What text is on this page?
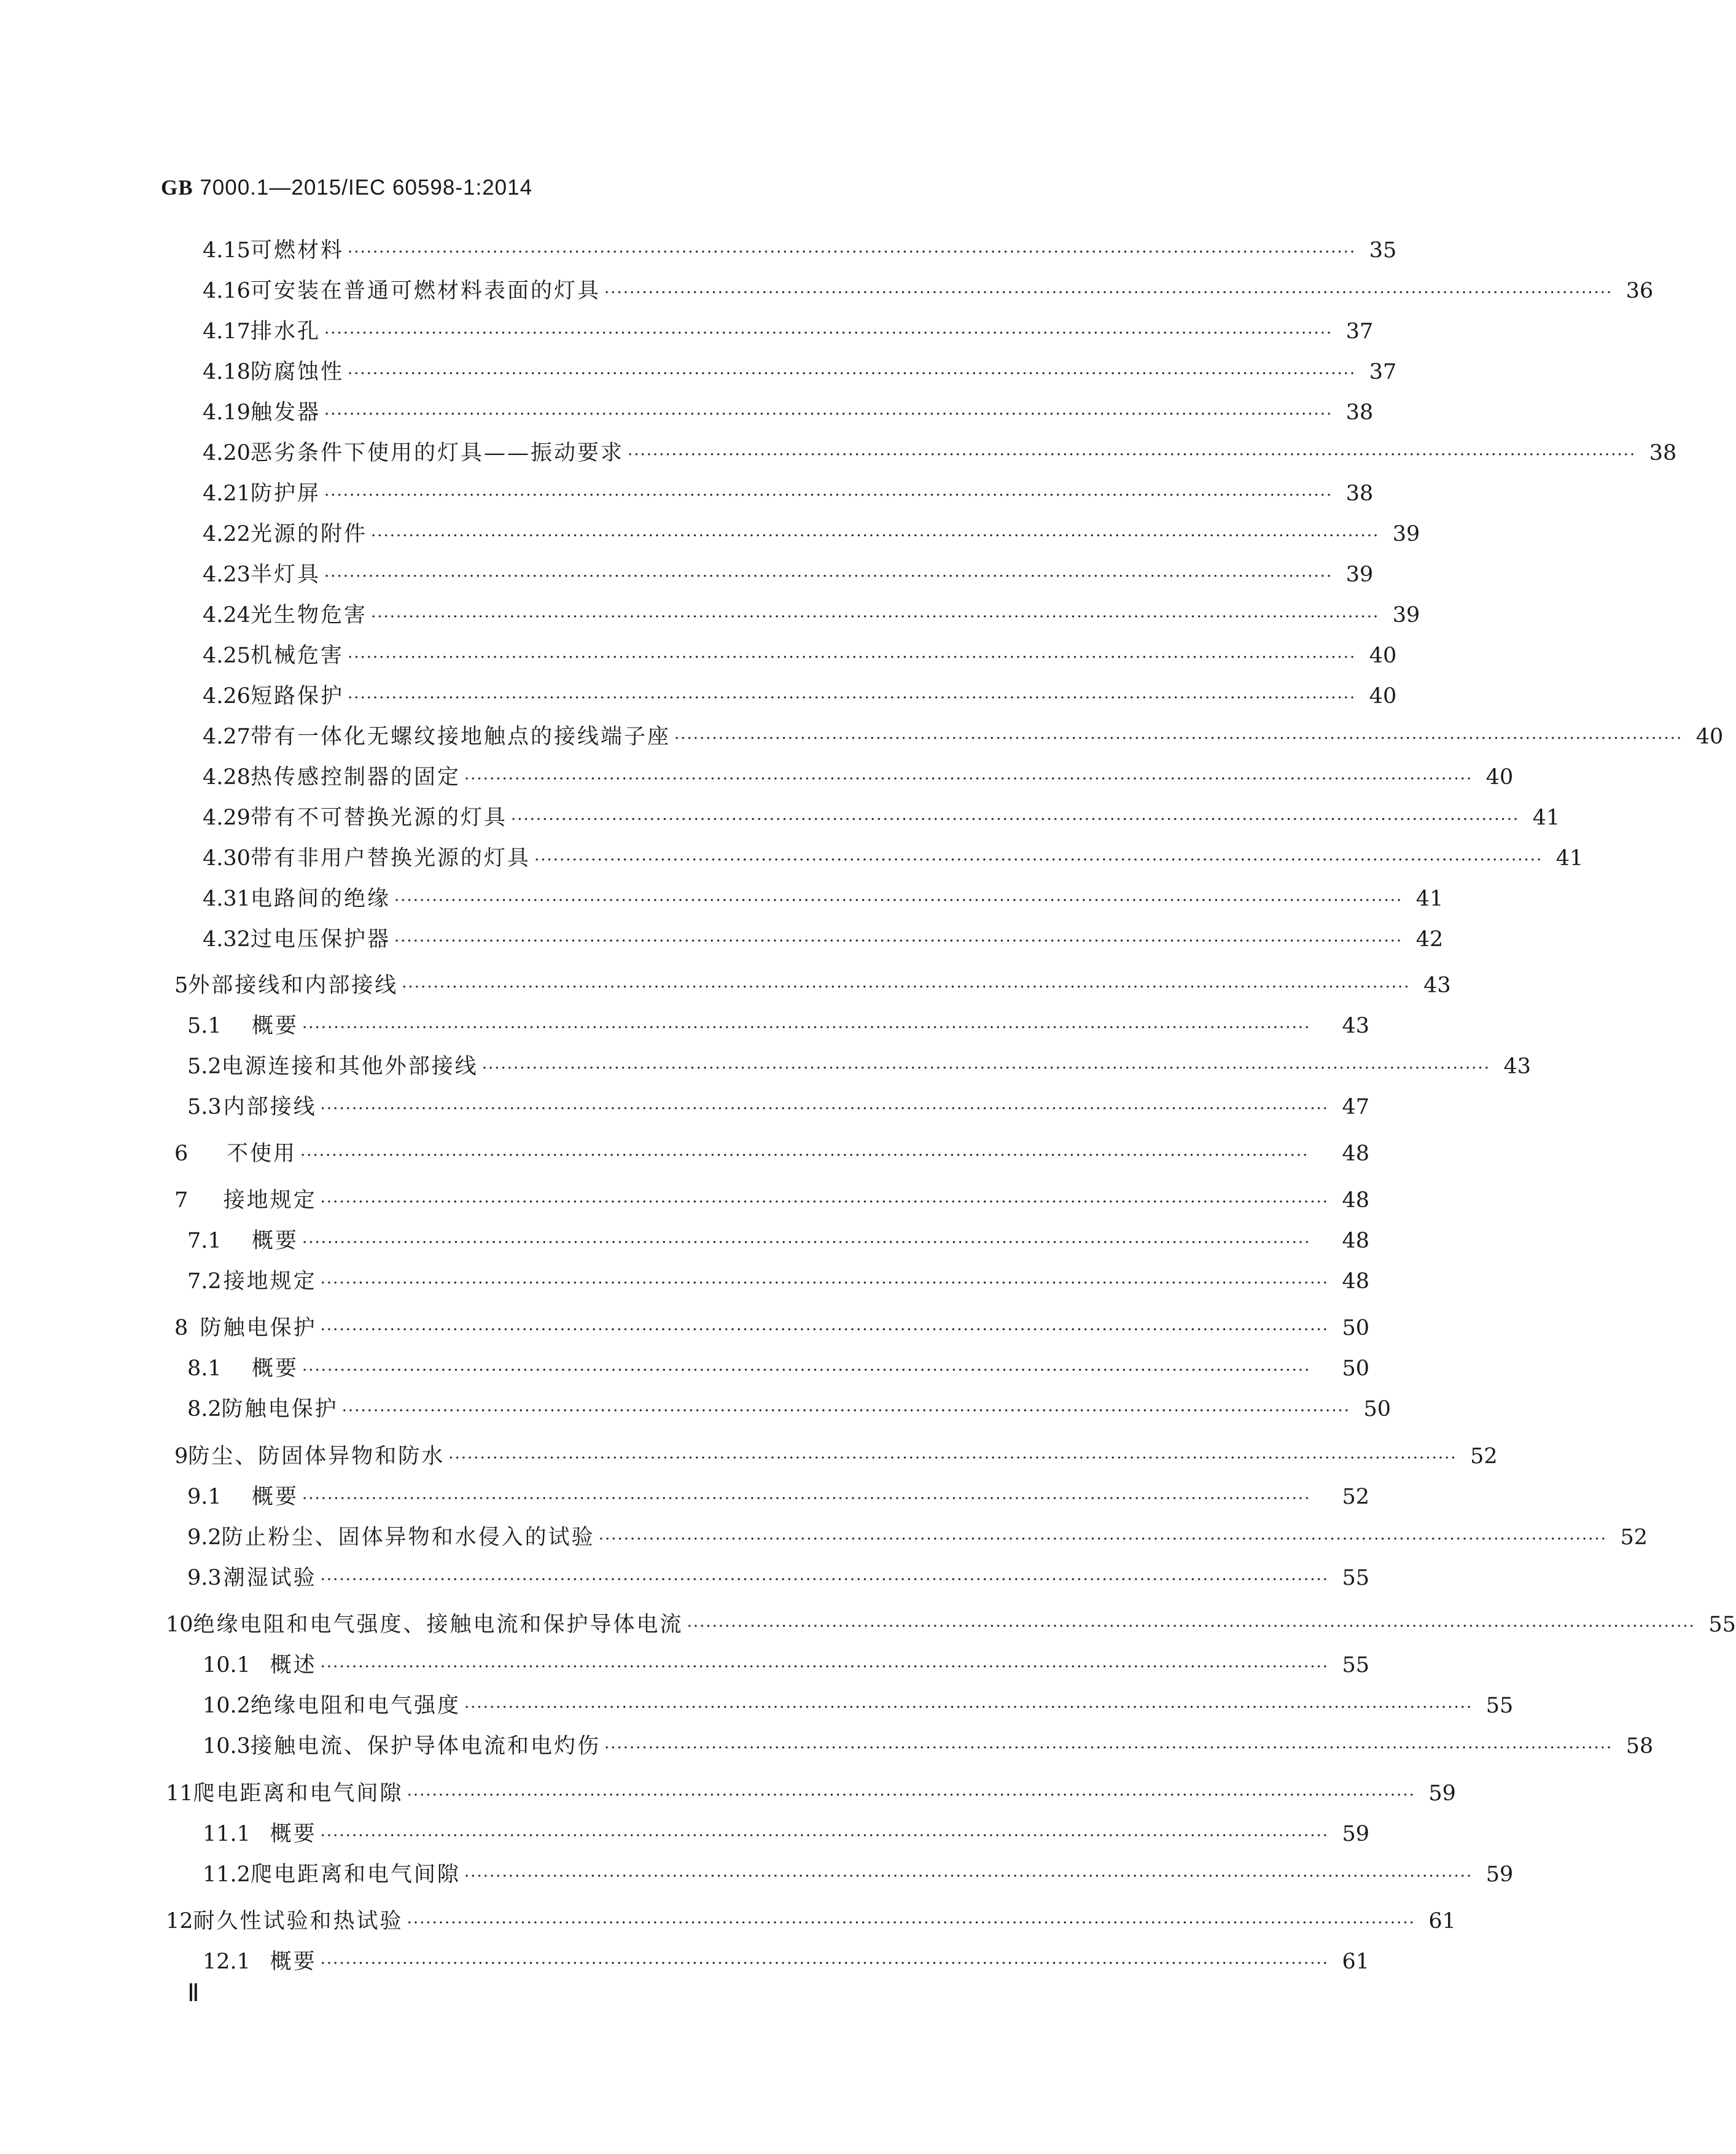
GB 7000.1—2015/IEC 60598-1:2014
4.15 可燃材料 ································································································································································ 35
4.16 可安装在普通可燃材料表面的灯具 ································································································································································ 36
4.17 排水孔 ································································································································································ 37
4.18 防腐蚀性 ································································································································································ 37
4.19 触发器 ································································································································································ 38
4.20 恶劣条件下使用的灯具——振动要求 ································································································································································ 38
4.21 防护屏 ································································································································································ 38
4.22 光源的附件 ································································································································································ 39
4.23 半灯具 ································································································································································ 39
4.24 光生物危害 ································································································································································ 39
4.25 机械危害 ································································································································································ 40
4.26 短路保护 ································································································································································ 40
4.27 带有一体化无螺纹接地触点的接线端子座 ································································································································································ 40
4.28 热传感控制器的固定 ································································································································································ 40
4.29 带有不可替换光源的灯具 ································································································································································ 41
4.30 带有非用户替换光源的灯具 ································································································································································ 41
4.31 电路间的绝缘 ································································································································································ 41
4.32 过电压保护器 ································································································································································ 42
5 外部接线和内部接线 ································································································································································ 43
5.1	概要 ································································································································································	43
5.2 电源连接和其他外部接线 ································································································································································ 43
5.3 内部接线 ································································································································································ 47
6	不使用 ································································································································································	48
7	接地规定 ································································································································································ 48
7.1	概要 ································································································································································	48
7.2 接地规定 ································································································································································ 48
8 防触电保护 ································································································································································ 50
8.1	概要 ································································································································································	50
8.2 防触电保护 ································································································································································ 50
9 防尘、防固体异物和防水 ································································································································································ 52
9.1	概要 ································································································································································	52
9.2 防止粉尘、固体异物和水侵入的试验 ································································································································································ 52
9.3 潮湿试验 ································································································································································ 55
10 绝缘电阻和电气强度、接触电流和保护导体电流 ································································································································································ 55
10.1 概述 ································································································································································ 55
10.2 绝缘电阻和电气强度 ································································································································································ 55
10.3 接触电流、保护导体电流和电灼伤 ································································································································································ 58
11 爬电距离和电气间隙 ································································································································································ 59
11.1 概要 ································································································································································ 59
11.2 爬电距离和电气间隙 ································································································································································ 59
12 耐久性试验和热试验 ································································································································································ 61
12.1 概要 ································································································································································ 61
Ⅱ
